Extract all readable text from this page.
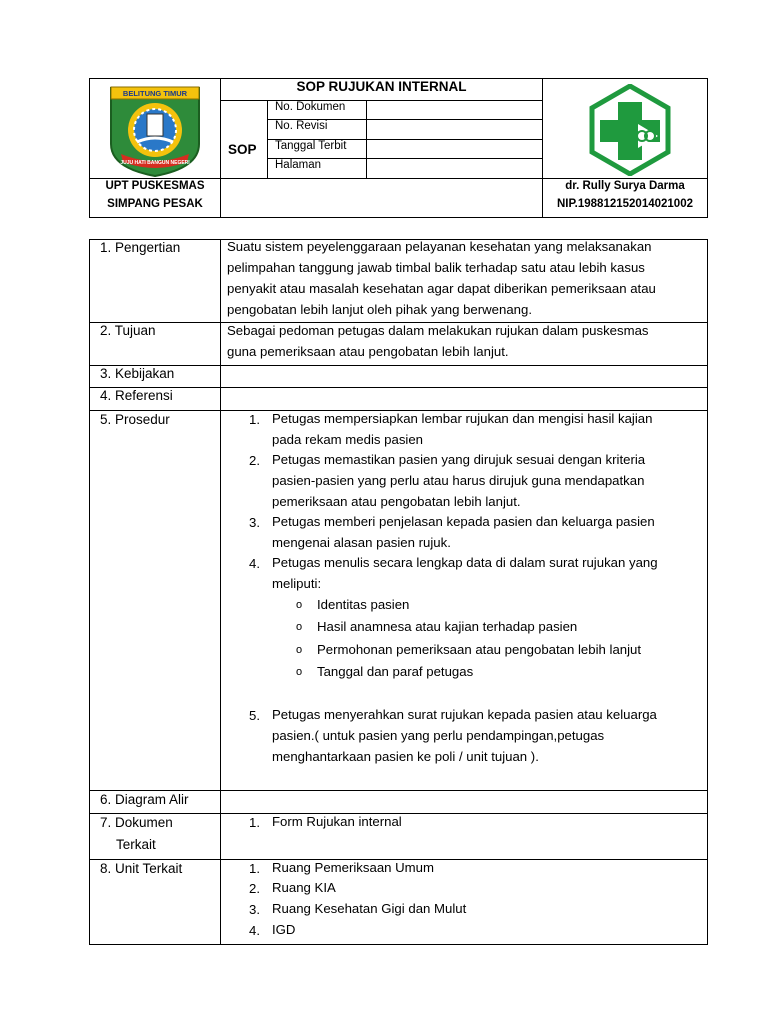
SOP RUJUKAN INTERNAL
SOP
No. Dokumen
No. Revisi
Tanggal Terbit
Halaman
UPT PUSKESMAS
SIMPANG PESAK
dr. Rully Surya Darma
NIP.198812152014021002
BELITUNG TIMUR
JUJU HATI BANGUN NEGERI
1. Pengertian
2. Tujuan
3. Kebijakan
4. Referensi
5. Prosedur
6. Diagram Alir
7. Dokumen
Terkait
8. Unit Terkait
Suatu sistem peyelenggaraan pelayanan kesehatan yang melaksanakan
pelimpahan tanggung jawab timbal balik terhadap satu atau lebih kasus
penyakit atau masalah kesehatan agar dapat diberikan pemeriksaan atau
pengobatan lebih lanjut oleh pihak yang berwenang.
Sebagai pedoman petugas dalam melakukan rujukan dalam puskesmas
guna pemeriksaan atau pengobatan lebih lanjut.
1. Petugas mempersiapkan lembar rujukan dan mengisi hasil kajian
pada rekam medis pasien
2. Petugas memastikan pasien yang dirujuk sesuai dengan kriteria
pasien-pasien yang perlu atau harus dirujuk guna mendapatkan
pemeriksaan atau pengobatan lebih lanjut.
3. Petugas memberi penjelasan kepada pasien dan keluarga pasien
mengenai alasan pasien rujuk.
4. Petugas menulis secara lengkap data di dalam surat rujukan yang
meliputi:
o Identitas pasien
o Hasil anamnesa atau kajian terhadap pasien
o Permohonan pemeriksaan atau pengobatan lebih lanjut
o Tanggal dan paraf petugas
5. Petugas menyerahkan surat rujukan kepada pasien atau keluarga
pasien.( untuk pasien yang perlu pendampingan,petugas
menghantarkaan pasien ke poli / unit tujuan ).
1. Form Rujukan internal
1. Ruang Pemeriksaan Umum
2. Ruang KIA
3. Ruang Kesehatan Gigi dan Mulut
4. IGD
